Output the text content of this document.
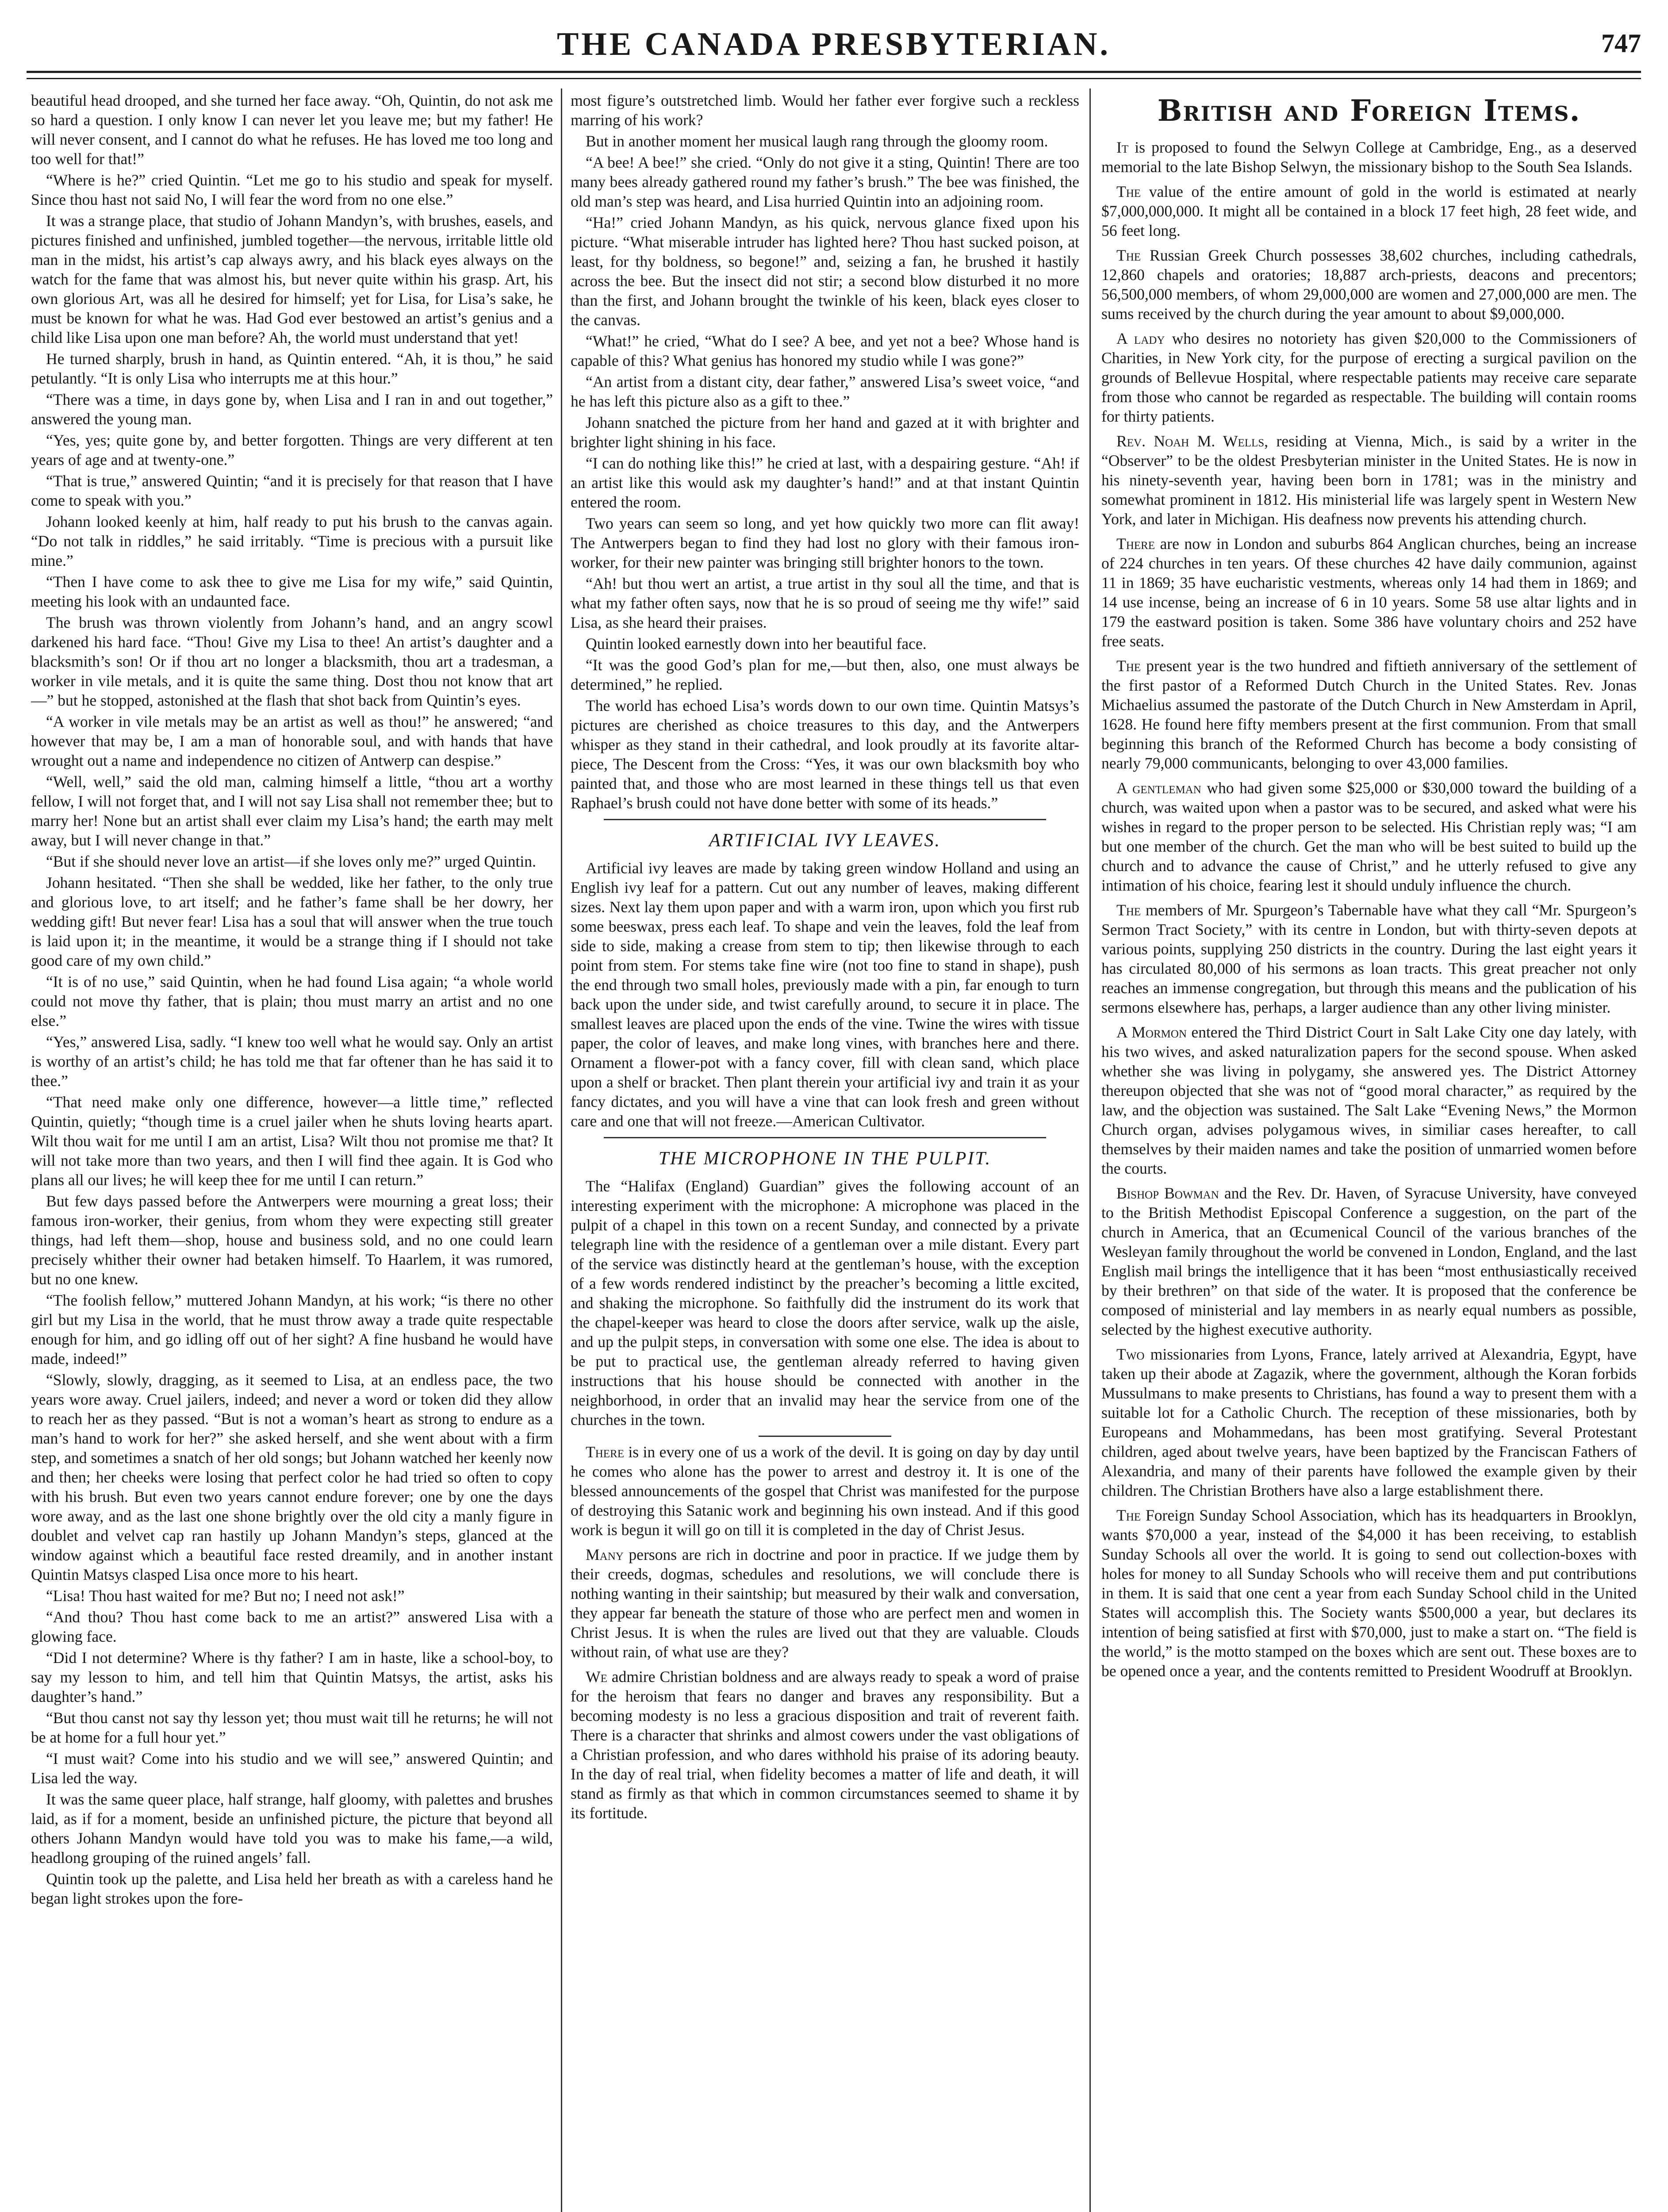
THE CANADA PRESBYTERIAN.	747

beautiful head drooped, and she turned her face away. “Oh, Quintin, do not ask me so hard a question. I only know I can never let you leave me; but my father! He will never consent, and I cannot do what he refuses. He has loved me too long and too well for that!”

“Where is he?” cried Quintin. “Let me go to his studio and speak for myself. Since thou hast not said No, I will fear the word from no one else.”

It was a strange place, that studio of Johann Mandyn’s, with brushes, easels, and pictures finished and unfinished, jumbled together—the nervous, irritable little old man in the midst, his artist’s cap always awry, and his black eyes always on the watch for the fame that was almost his, but never quite within his grasp. Art, his own glorious Art, was all he desired for himself; yet for Lisa, for Lisa’s sake, he must be known for what he was. Had God ever bestowed an artist’s genius and a child like Lisa upon one man before? Ah, the world must understand that yet!

He turned sharply, brush in hand, as Quintin entered. “Ah, it is thou,” he said petulantly. “It is only Lisa who interrupts me at this hour.”

“There was a time, in days gone by, when Lisa and I ran in and out together,” answered the young man.

“Yes, yes; quite gone by, and better forgotten. Things are very different at ten years of age and at twenty-one.”

“That is true,” answered Quintin; “and it is precisely for that reason that I have come to speak with you.”

Johann looked keenly at him, half ready to put his brush to the canvas again. “Do not talk in riddles,” he said irritably. “Time is precious with a pursuit like mine.”

“Then I have come to ask thee to give me Lisa for my wife,” said Quintin, meeting his look with an undaunted face.

The brush was thrown violently from Johann’s hand, and an angry scowl darkened his hard face. “Thou! Give my Lisa to thee! An artist’s daughter and a blacksmith’s son! Or if thou art no longer a blacksmith, thou art a tradesman, a worker in vile metals, and it is quite the same thing. Dost thou not know that art—” but he stopped, astonished at the flash that shot back from Quintin’s eyes.

“A worker in vile metals may be an artist as well as thou!” he answered; “and however that may be, I am a man of honorable soul, and with hands that have wrought out a name and independence no citizen of Antwerp can despise.”

“Well, well,” said the old man, calming himself a little, “thou art a worthy fellow, I will not forget that, and I will not say Lisa shall not remember thee; but to marry her! None but an artist shall ever claim my Lisa’s hand; the earth may melt away, but I will never change in that.”

“But if she should never love an artist—if she loves only me?” urged Quintin.

Johann hesitated. “Then she shall be wedded, like her father, to the only true and glorious love, to art itself; and he father’s fame shall be her dowry, her wedding gift! But never fear! Lisa has a soul that will answer when the true touch is laid upon it; in the meantime, it would be a strange thing if I should not take good care of my own child.”

“It is of no use,” said Quintin, when he had found Lisa again; “a whole world could not move thy father, that is plain; thou must marry an artist and no one else.”

“Yes,” answered Lisa, sadly. “I knew too well what he would say. Only an artist is worthy of an artist’s child; he has told me that far oftener than he has said it to thee.”

“That need make only one difference, however—a little time,” reflected Quintin, quietly; “though time is a cruel jailer when he shuts loving hearts apart. Wilt thou wait for me until I am an artist, Lisa? Wilt thou not promise me that? It will not take more than two years, and then I will find thee again. It is God who plans all our lives; he will keep thee for me until I can return.”

But few days passed before the Antwerpers were mourning a great loss; their famous iron-worker, their genius, from whom they were expecting still greater things, had left them—shop, house and business sold, and no one could learn precisely whither their owner had betaken himself. To Haarlem, it was rumored, but no one knew.

“The foolish fellow,” muttered Johann Mandyn, at his work; “is there no other girl but my Lisa in the world, that he must throw away a trade quite respectable enough for him, and go idling off out of her sight? A fine husband he would have made, indeed!”

“Slowly, slowly, dragging, as it seemed to Lisa, at an endless pace, the two years wore away. Cruel jailers, indeed; and never a word or token did they allow to reach her as they passed. “But is not a woman’s heart as strong to endure as a man’s hand to work for her?” she asked herself, and she went about with a firm step, and sometimes a snatch of her old songs; but Johann watched her keenly now and then; her cheeks were losing that perfect color he had tried so often to copy with his brush. But even two years cannot endure forever; one by one the days wore away, and as the last one shone brightly over the old city a manly figure in doublet and velvet cap ran hastily up Johann Mandyn’s steps, glanced at the window against which a beautiful face rested dreamily, and in another instant Quintin Matsys clasped Lisa once more to his heart.

“Lisa! Thou hast waited for me? But no; I need not ask!”

“And thou? Thou hast come back to me an artist?” answered Lisa with a glowing face.

“Did I not determine? Where is thy father? I am in haste, like a school-boy, to say my lesson to him, and tell him that Quintin Matsys, the artist, asks his daughter’s hand.”

“But thou canst not say thy lesson yet; thou must wait till he returns; he will not be at home for a full hour yet.”

“I must wait? Come into his studio and we will see,” answered Quintin; and Lisa led the way.

It was the same queer place, half strange, half gloomy, with palettes and brushes laid, as if for a moment, beside an unfinished picture, the picture that beyond all others Johann Mandyn would have told you was to make his fame,—a wild, headlong grouping of the ruined angels’ fall.

Quintin took up the palette, and Lisa held her breath as with a careless hand he began light strokes upon the fore-

most figure’s outstretched limb. Would her father ever forgive such a reckless marring of his work?

But in another moment her musical laugh rang through the gloomy room.

“A bee! A bee!” she cried. “Only do not give it a sting, Quintin! There are too many bees already gathered round my father’s brush.” The bee was finished, the old man’s step was heard, and Lisa hurried Quintin into an adjoining room.

“Ha!” cried Johann Mandyn, as his quick, nervous glance fixed upon his picture. “What miserable intruder has lighted here? Thou hast sucked poison, at least, for thy boldness, so begone!” and, seizing a fan, he brushed it hastily across the bee. But the insect did not stir; a second blow disturbed it no more than the first, and Johann brought the twinkle of his keen, black eyes closer to the canvas.

“What!” he cried, “What do I see? A bee, and yet not a bee? Whose hand is capable of this? What genius has honored my studio while I was gone?”

“An artist from a distant city, dear father,” answered Lisa’s sweet voice, “and he has left this picture also as a gift to thee.”

Johann snatched the picture from her hand and gazed at it with brighter and brighter light shining in his face.

“I can do nothing like this!” he cried at last, with a despairing gesture. “Ah! if an artist like this would ask my daughter’s hand!” and at that instant Quintin entered the room.

Two years can seem so long, and yet how quickly two more can flit away! The Antwerpers began to find they had lost no glory with their famous iron-worker, for their new painter was bringing still brighter honors to the town.

“Ah! but thou wert an artist, a true artist in thy soul all the time, and that is what my father often says, now that he is so proud of seeing me thy wife!” said Lisa, as she heard their praises.

Quintin looked earnestly down into her beautiful face.

“It was the good God’s plan for me,—but then, also, one must always be determined,” he replied.

The world has echoed Lisa’s words down to our own time. Quintin Matsys’s pictures are cherished as choice treasures to this day, and the Antwerpers whisper as they stand in their cathedral, and look proudly at its favorite altar-piece, The Descent from the Cross: “Yes, it was our own blacksmith boy who painted that, and those who are most learned in these things tell us that even Raphael’s brush could not have done better with some of its heads.”

ARTIFICIAL IVY LEAVES.

Artificial ivy leaves are made by taking green window Holland and using an English ivy leaf for a pattern. Cut out any number of leaves, making different sizes. Next lay them upon paper and with a warm iron, upon which you first rub some beeswax, press each leaf. To shape and vein the leaves, fold the leaf from side to side, making a crease from stem to tip; then likewise through to each point from stem. For stems take fine wire (not too fine to stand in shape), push the end through two small holes, previously made with a pin, far enough to turn back upon the under side, and twist carefully around, to secure it in place. The smallest leaves are placed upon the ends of the vine. Twine the wires with tissue paper, the color of leaves, and make long vines, with branches here and there. Ornament a flower-pot with a fancy cover, fill with clean sand, which place upon a shelf or bracket. Then plant therein your artificial ivy and train it as your fancy dictates, and you will have a vine that can look fresh and green without care and one that will not freeze.—American Cultivator.

THE MICROPHONE IN THE PULPIT.

The “Halifax (England) Guardian” gives the following account of an interesting experiment with the microphone: A microphone was placed in the pulpit of a chapel in this town on a recent Sunday, and connected by a private telegraph line with the residence of a gentleman over a mile distant. Every part of the service was distinctly heard at the gentleman’s house, with the exception of a few words rendered indistinct by the preacher’s becoming a little excited, and shaking the microphone. So faithfully did the instrument do its work that the chapel-keeper was heard to close the doors after service, walk up the aisle, and up the pulpit steps, in conversation with some one else. The idea is about to be put to practical use, the gentleman already referred to having given instructions that his house should be connected with another in the neighborhood, in order that an invalid may hear the service from one of the churches in the town.

There is in every one of us a work of the devil. It is going on day by day until he comes who alone has the power to arrest and destroy it. It is one of the blessed announcements of the gospel that Christ was manifested for the purpose of destroying this Satanic work and beginning his own instead. And if this good work is begun it will go on till it is completed in the day of Christ Jesus.

Many persons are rich in doctrine and poor in practice. If we judge them by their creeds, dogmas, schedules and resolutions, we will conclude there is nothing wanting in their saintship; but measured by their walk and conversation, they appear far beneath the stature of those who are perfect men and women in Christ Jesus. It is when the rules are lived out that they are valuable. Clouds without rain, of what use are they?

We admire Christian boldness and are always ready to speak a word of praise for the heroism that fears no danger and braves any responsibility. But a becoming modesty is no less a gracious disposition and trait of reverent faith. There is a character that shrinks and almost cowers under the vast obligations of a Christian profession, and who dares withhold his praise of its adoring beauty. In the day of real trial, when fidelity becomes a matter of life and death, it will stand as firmly as that which in common circumstances seemed to shame it by its fortitude.

British and Foreign Items.

It is proposed to found the Selwyn College at Cambridge, Eng., as a deserved memorial to the late Bishop Selwyn, the missionary bishop to the South Sea Islands.

The value of the entire amount of gold in the world is estimated at nearly $7,000,000,000. It might all be contained in a block 17 feet high, 28 feet wide, and 56 feet long.

The Russian Greek Church possesses 38,602 churches, including cathedrals, 12,860 chapels and oratories; 18,887 arch-priests, deacons and precentors; 56,500,000 members, of whom 29,000,000 are women and 27,000,000 are men. The sums received by the church during the year amount to about $9,000,000.

A lady who desires no notoriety has given $20,000 to the Commissioners of Charities, in New York city, for the purpose of erecting a surgical pavilion on the grounds of Bellevue Hospital, where respectable patients may receive care separate from those who cannot be regarded as respectable. The building will contain rooms for thirty patients.

Rev. Noah M. Wells, residing at Vienna, Mich., is said by a writer in the “Observer” to be the oldest Presbyterian minister in the United States. He is now in his ninety-seventh year, having been born in 1781; was in the ministry and somewhat prominent in 1812. His ministerial life was largely spent in Western New York, and later in Michigan. His deafness now prevents his attending church.

There are now in London and suburbs 864 Anglican churches, being an increase of 224 churches in ten years. Of these churches 42 have daily communion, against 11 in 1869; 35 have eucharistic vestments, whereas only 14 had them in 1869; and 14 use incense, being an increase of 6 in 10 years. Some 58 use altar lights and in 179 the eastward position is taken. Some 386 have voluntary choirs and 252 have free seats.

The present year is the two hundred and fiftieth anniversary of the settlement of the first pastor of a Reformed Dutch Church in the United States. Rev. Jonas Michaelius assumed the pastorate of the Dutch Church in New Amsterdam in April, 1628. He found here fifty members present at the first communion. From that small beginning this branch of the Reformed Church has become a body consisting of nearly 79,000 communicants, belonging to over 43,000 families.

A gentleman who had given some $25,000 or $30,000 toward the building of a church, was waited upon when a pastor was to be secured, and asked what were his wishes in regard to the proper person to be selected. His Christian reply was; “I am but one member of the church. Get the man who will be best suited to build up the church and to advance the cause of Christ,” and he utterly refused to give any intimation of his choice, fearing lest it should unduly influence the church.

The members of Mr. Spurgeon’s Tabernable have what they call “Mr. Spurgeon’s Sermon Tract Society,” with its centre in London, but with thirty-seven depots at various points, supplying 250 districts in the country. During the last eight years it has circulated 80,000 of his sermons as loan tracts. This great preacher not only reaches an immense congregation, but through this means and the publication of his sermons elsewhere has, perhaps, a larger audience than any other living minister.

A Mormon entered the Third District Court in Salt Lake City one day lately, with his two wives, and asked naturalization papers for the second spouse. When asked whether she was living in polygamy, she answered yes. The District Attorney thereupon objected that she was not of “good moral character,” as required by the law, and the objection was sustained. The Salt Lake “Evening News,” the Mormon Church organ, advises polygamous wives, in similiar cases hereafter, to call themselves by their maiden names and take the position of unmarried women before the courts.

Bishop Bowman and the Rev. Dr. Haven, of Syracuse University, have conveyed to the British Methodist Episcopal Conference a suggestion, on the part of the church in America, that an Œcumenical Council of the various branches of the Wesleyan family throughout the world be convened in London, England, and the last English mail brings the intelligence that it has been “most enthusiastically received by their brethren” on that side of the water. It is proposed that the conference be composed of ministerial and lay members in as nearly equal numbers as possible, selected by the highest executive authority.

Two missionaries from Lyons, France, lately arrived at Alexandria, Egypt, have taken up their abode at Zagazik, where the government, although the Koran forbids Mussulmans to make presents to Christians, has found a way to present them with a suitable lot for a Catholic Church. The reception of these missionaries, both by Europeans and Mohammedans, has been most gratifying. Several Protestant children, aged about twelve years, have been baptized by the Franciscan Fathers of Alexandria, and many of their parents have followed the example given by their children. The Christian Brothers have also a large establishment there.

The Foreign Sunday School Association, which has its headquarters in Brooklyn, wants $70,000 a year, instead of the $4,000 it has been receiving, to establish Sunday Schools all over the world. It is going to send out collection-boxes with holes for money to all Sunday Schools who will receive them and put contributions in them. It is said that one cent a year from each Sunday School child in the United States will accomplish this. The Society wants $500,000 a year, but declares its intention of being satisfied at first with $70,000, just to make a start on. “The field is the world,” is the motto stamped on the boxes which are sent out. These boxes are to be opened once a year, and the contents remitted to President Woodruff at Brooklyn.
